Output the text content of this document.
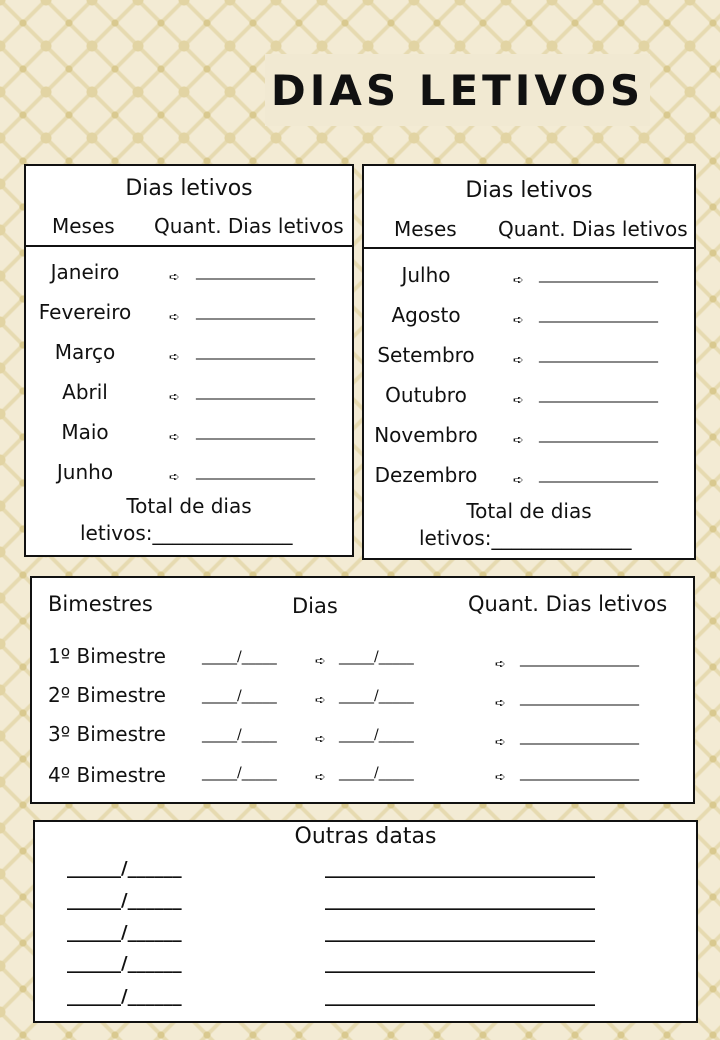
DIAS LETIVOS
Dias letivos
Meses Quant. Dias letivos
Janeiro	➪ _________________
Fevereiro	➪ _________________
Março	➪ _________________
Abril	➪ _________________
Maio	➪ _________________
Junho	➪ _________________
Total de dias
letivos:______________
Dias letivos
Meses Quant. Dias letivos
Julho	➪ _________________
Agosto	➪ _________________
Setembro	➪ _________________
Outubro	➪ _________________
Novembro	➪ _________________
Dezembro	➪ _________________
Total de dias
letivos:______________
Bimestres	Dias	Quant. Dias letivos
1º Bimestre	_____/_____	➪ _____/_____	➪ _________________
2º Bimestre	_____/_____	➪ _____/_____	➪ _________________
3º Bimestre	_____/_____	➪ _____/_____	➪ _________________
4º Bimestre	_____/_____	➪ _____/_____	➪ _________________
Outras datas
______/______	______________________________
______/______	______________________________
______/______	______________________________
______/______	______________________________
______/______	______________________________
